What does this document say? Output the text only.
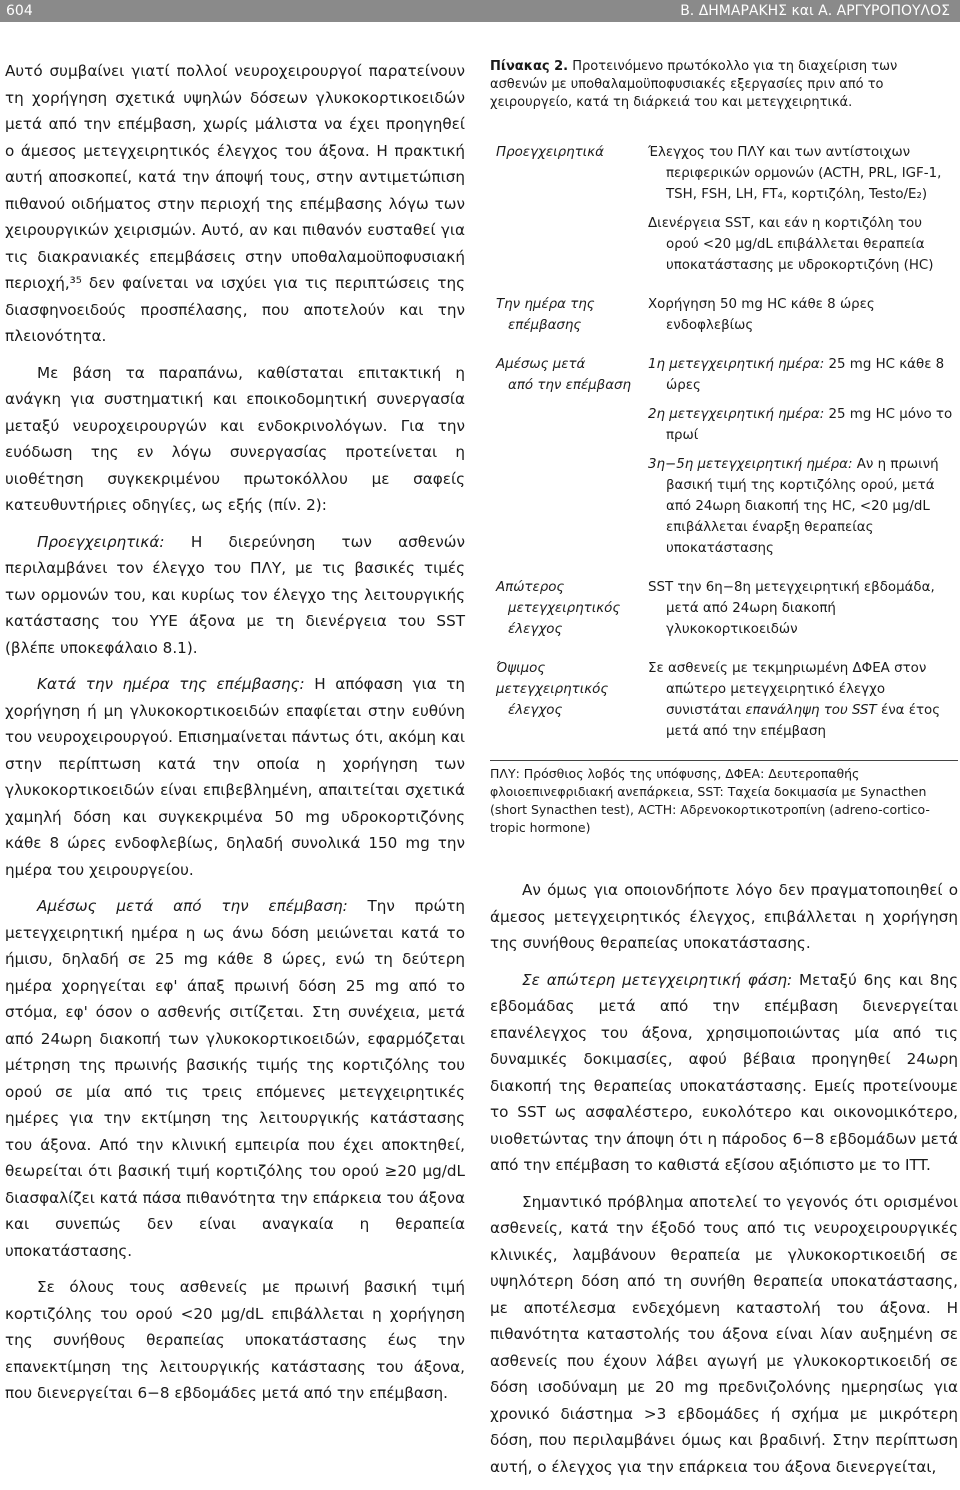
604	Β. ΔΗΜΑΡΑΚΗΣ και Α. ΑΡΓΥΡΟΠΟΥΛΟΣ

Αυτό συμβαίνει γιατί πολλοί νευροχειρουργοί παρατείνουν τη χορήγηση σχετικά υψηλών δόσεων γλυκοκορτικοειδών μετά από την επέμβαση, χωρίς μάλιστα να έχει προηγηθεί ο άμεσος μετεγχειρητικός έλεγχος του άξονα. Η πρακτική αυτή αποσκοπεί, κατά την άποψή τους, στην αντιμετώπιση πιθανού οιδήματος στην περιοχή της επέμβασης λόγω των χειρουργικών χειρισμών. Αυτό, αν και πιθανόν ευσταθεί για τις διακρανιακές επεμβάσεις στην υποθαλαμοϋποφυσιακή περιοχή,³⁵ δεν φαίνεται να ισχύει για τις περιπτώσεις της διασφηνοειδούς προσπέλασης, που αποτελούν και την πλειονότητα.

Με βάση τα παραπάνω, καθίσταται επιτακτική η ανάγκη για συστηματική και εποικοδομητική συνεργασία μεταξύ νευροχειρουργών και ενδοκρινολόγων. Για την ευόδωση της εν λόγω συνεργασίας προτείνεται η υιοθέτηση συγκεκριμένου πρωτοκόλλου με σαφείς κατευθυντήριες οδηγίες, ως εξής (πίν. 2):

Προεγχειρητικά: Η διερεύνηση των ασθενών περιλαμβάνει τον έλεγχο του ΠΛΥ, με τις βασικές τιμές των ορμονών του, και κυρίως τον έλεγχο της λειτουργικής κατάστασης του ΥΥΕ άξονα με τη διενέργεια του SST (βλέπε υποκεφάλαιο 8.1).

Κατά την ημέρα της επέμβασης: Η απόφαση για τη χορήγηση ή μη γλυκοκορτικοειδών επαφίεται στην ευθύνη του νευροχειρουργού. Επισημαίνεται πάντως ότι, ακόμη και στην περίπτωση κατά την οποία η χορήγηση των γλυκοκορτικοειδών είναι επιβεβλημένη, απαιτείται σχετικά χαμηλή δόση και συγκεκριμένα 50 mg υδροκορτιζόνης κάθε 8 ώρες ενδοφλεβίως, δηλαδή συνολικά 150 mg την ημέρα του χειρουργείου.

Αμέσως μετά από την επέμβαση: Την πρώτη μετεγχειρητική ημέρα η ως άνω δόση μειώνεται κατά το ήμισυ, δηλαδή σε 25 mg κάθε 8 ώρες, ενώ τη δεύτερη ημέρα χορηγείται εφ' άπαξ πρωινή δόση 25 mg από το στόμα, εφ' όσον ο ασθενής σιτίζεται. Στη συνέχεια, μετά από 24ωρη διακοπή των γλυκοκορτικοειδών, εφαρμόζεται μέτρηση της πρωινής βασικής τιμής της κορτιζόλης του ορού σε μία από τις τρεις επόμενες μετεγχειρητικές ημέρες για την εκτίμηση της λειτουργικής κατάστασης του άξονα. Από την κλινική εμπειρία που έχει αποκτηθεί, θεωρείται ότι βασική τιμή κορτιζόλης του ορού ≥20 μg/dL διασφαλίζει κατά πάσα πιθανότητα την επάρκεια του άξονα και συνεπώς δεν είναι αναγκαία η θεραπεία υποκατάστασης.

Σε όλους τους ασθενείς με πρωινή βασική τιμή κορτιζόλης του ορού <20 μg/dL επιβάλλεται η χορήγηση της συνήθους θεραπείας υποκατάστασης έως την επανεκτίμηση της λειτουργικής κατάστασης του άξονα, που διενεργείται 6−8 εβδομάδες μετά από την επέμβαση.

Πίνακας 2. Προτεινόμενο πρωτόκολλο για τη διαχείριση των ασθενών με υποθαλαμοϋποφυσιακές εξεργασίες πριν από το χειρουργείο, κατά τη διάρκειά του και μετεγχειρητικά.

Προεγχειρητικά	Έλεγχος του ΠΛΥ και των αντίστοιχων περιφερικών ορμονών (ACTH, PRL, IGF-1, TSH, FSH, LH, FT₄, κορτιζόλη, Testo/E₂)

Διενέργεια SST, και εάν η κορτιζόλη του ορού <20 μg/dL επιβάλλεται θεραπεία υποκατάστασης με υδροκορτιζόνη (HC)

Την ημέρα της
επέμβασης

Χορήγηση 50 mg HC κάθε 8 ώρες ενδοφλεβίως

Αμέσως μετά
από την επέμβαση

1η μετεγχειρητική ημέρα: 25 mg HC κάθε 8 ώρες

2η μετεγχειρητική ημέρα: 25 mg HC μόνο το πρωί

3η−5η μετεγχειρητική ημέρα: Αν η πρωινή βασική τιμή της κορτιζόλης ορού, μετά από 24ωρη διακοπή της HC, <20 μg/dL επιβάλλεται έναρξη θεραπείας υποκατάστασης

Απώτερος
μετεγχειρητικός έλεγχος

SST την 6η−8η μετεγχειρητική εβδομάδα, μετά από 24ωρη διακοπή γλυκοκορτικοειδών

Όψιμος μετεγχειρητικός
έλεγχος

Σε ασθενείς με τεκμηριωμένη ΔΦΕΑ στον απώτερο μετεγχειρητικό έλεγχο συνιστάται επανάληψη του SST ένα έτος μετά από την επέμβαση

ΠΛΥ: Πρόσθιος λοβός της υπόφυσης, ΔΦΕΑ: Δευτεροπαθής φλοιοεπινεφριδιακή ανεπάρκεια, SST: Ταχεία δοκιμασία με Synacthen (short Synacthen test), ACTH: Αδρενοκορτικοτροπίνη (adreno-cortico-tropic hormone)

Αν όμως για οποιονδήποτε λόγο δεν πραγματοποιηθεί ο άμεσος μετεγχειρητικός έλεγχος, επιβάλλεται η χορήγηση της συνήθους θεραπείας υποκατάστασης.

Σε απώτερη μετεγχειρητική φάση: Μεταξύ 6ης και 8ης εβδομάδας μετά από την επέμβαση διενεργείται επανέλεγχος του άξονα, χρησιμοποιώντας μία από τις δυναμικές δοκιμασίες, αφού βέβαια προηγηθεί 24ωρη διακοπή της θεραπείας υποκατάστασης. Εμείς προτείνουμε το SST ως ασφαλέστερο, ευκολότερο και οικονομικότερο, υιοθετώντας την άποψη ότι η πάροδος 6−8 εβδομάδων μετά από την επέμβαση το καθιστά εξίσου αξιόπιστο με το ITT.

Σημαντικό πρόβλημα αποτελεί το γεγονός ότι ορισμένοι ασθενείς, κατά την έξοδό τους από τις νευροχειρουργικές κλινικές, λαμβάνουν θεραπεία με γλυκοκορτικοειδή σε υψηλότερη δόση από τη συνήθη θεραπεία υποκατάστασης, με αποτέλεσμα ενδεχόμενη καταστολή του άξονα. Η πιθανότητα καταστολής του άξονα είναι λίαν αυξημένη σε ασθενείς που έχουν λάβει αγωγή με γλυκοκορτικοειδή σε δόση ισοδύναμη με 20 mg πρεδνιζολόνης ημερησίως για χρονικό διάστημα >3 εβδομάδες ή σχήμα με μικρότερη δόση, που περιλαμβάνει όμως και βραδινή. Στην περίπτωση αυτή, ο έλεγχος για την επάρκεια του άξονα διενεργείται,
